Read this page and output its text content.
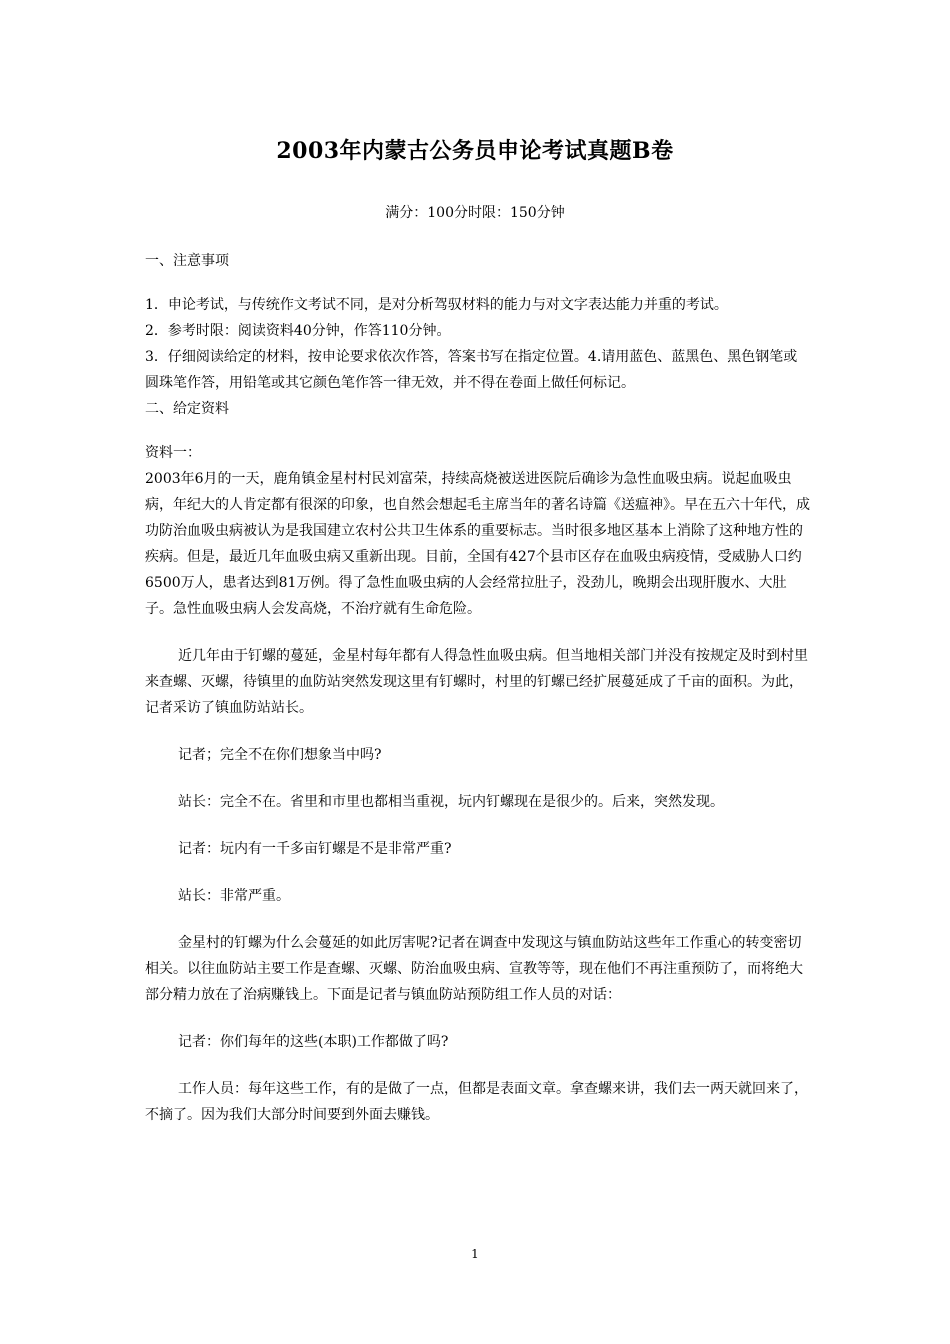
2003年内蒙古公务员申论考试真题B卷
满分：100分时限：150分钟

一、注意事项

1．申论考试，与传统作文考试不同，是对分析驾驭材料的能力与对文字表达能力并重的考试。

2．参考时限：阅读资料40分钟，作答110分钟。

3．仔细阅读给定的材料，按申论要求依次作答，答案书写在指定位置。4.请用蓝色、蓝黑色、黑色钢笔或圆珠笔作答，用铅笔或其它颜色笔作答一律无效，并不得在卷面上做任何标记。

二、给定资料

资料一：

2003年6月的一天，鹿角镇金星村村民刘富荣，持续高烧被送进医院后确诊为急性血吸虫病。说起血吸虫病，年纪大的人肯定都有很深的印象，也自然会想起毛主席当年的著名诗篇《送瘟神》。早在五六十年代，成功防治血吸虫病被认为是我国建立农村公共卫生体系的重要标志。当时很多地区基本上消除了这种地方性的疾病。但是，最近几年血吸虫病又重新出现。目前，全国有427个县市区存在血吸虫病疫情，受威胁人口约6500万人，患者达到81万例。得了急性血吸虫病的人会经常拉肚子，没劲儿，晚期会出现肝腹水、大肚子。急性血吸虫病人会发高烧，不治疗就有生命危险。

近几年由于钉螺的蔓延，金星村每年都有人得急性血吸虫病。但当地相关部门并没有按规定及时到村里来查螺、灭螺，待镇里的血防站突然发现这里有钉螺时，村里的钉螺已经扩展蔓延成了千亩的面积。为此，记者采访了镇血防站站长。

记者；完全不在你们想象当中吗?

站长：完全不在。省里和市里也都相当重视，坃内钉螺现在是很少的。后来，突然发现。

记者：坃内有一千多亩钉螺是不是非常严重?

站长：非常严重。

金星村的钉螺为什么会蔓延的如此厉害呢?记者在调查中发现这与镇血防站这些年工作重心的转变密切相关。以往血防站主要工作是查螺、灭螺、防治血吸虫病、宣教等等，现在他们不再注重预防了，而将绝大部分精力放在了治病赚钱上。下面是记者与镇血防站预防组工作人员的对话：

记者：你们每年的这些(本职)工作都做了吗?

工作人员：每年这些工作，有的是做了一点，但都是表面文章。拿查螺来讲，我们去一两天就回来了，不摘了。因为我们大部分时间要到外面去赚钱。

1
